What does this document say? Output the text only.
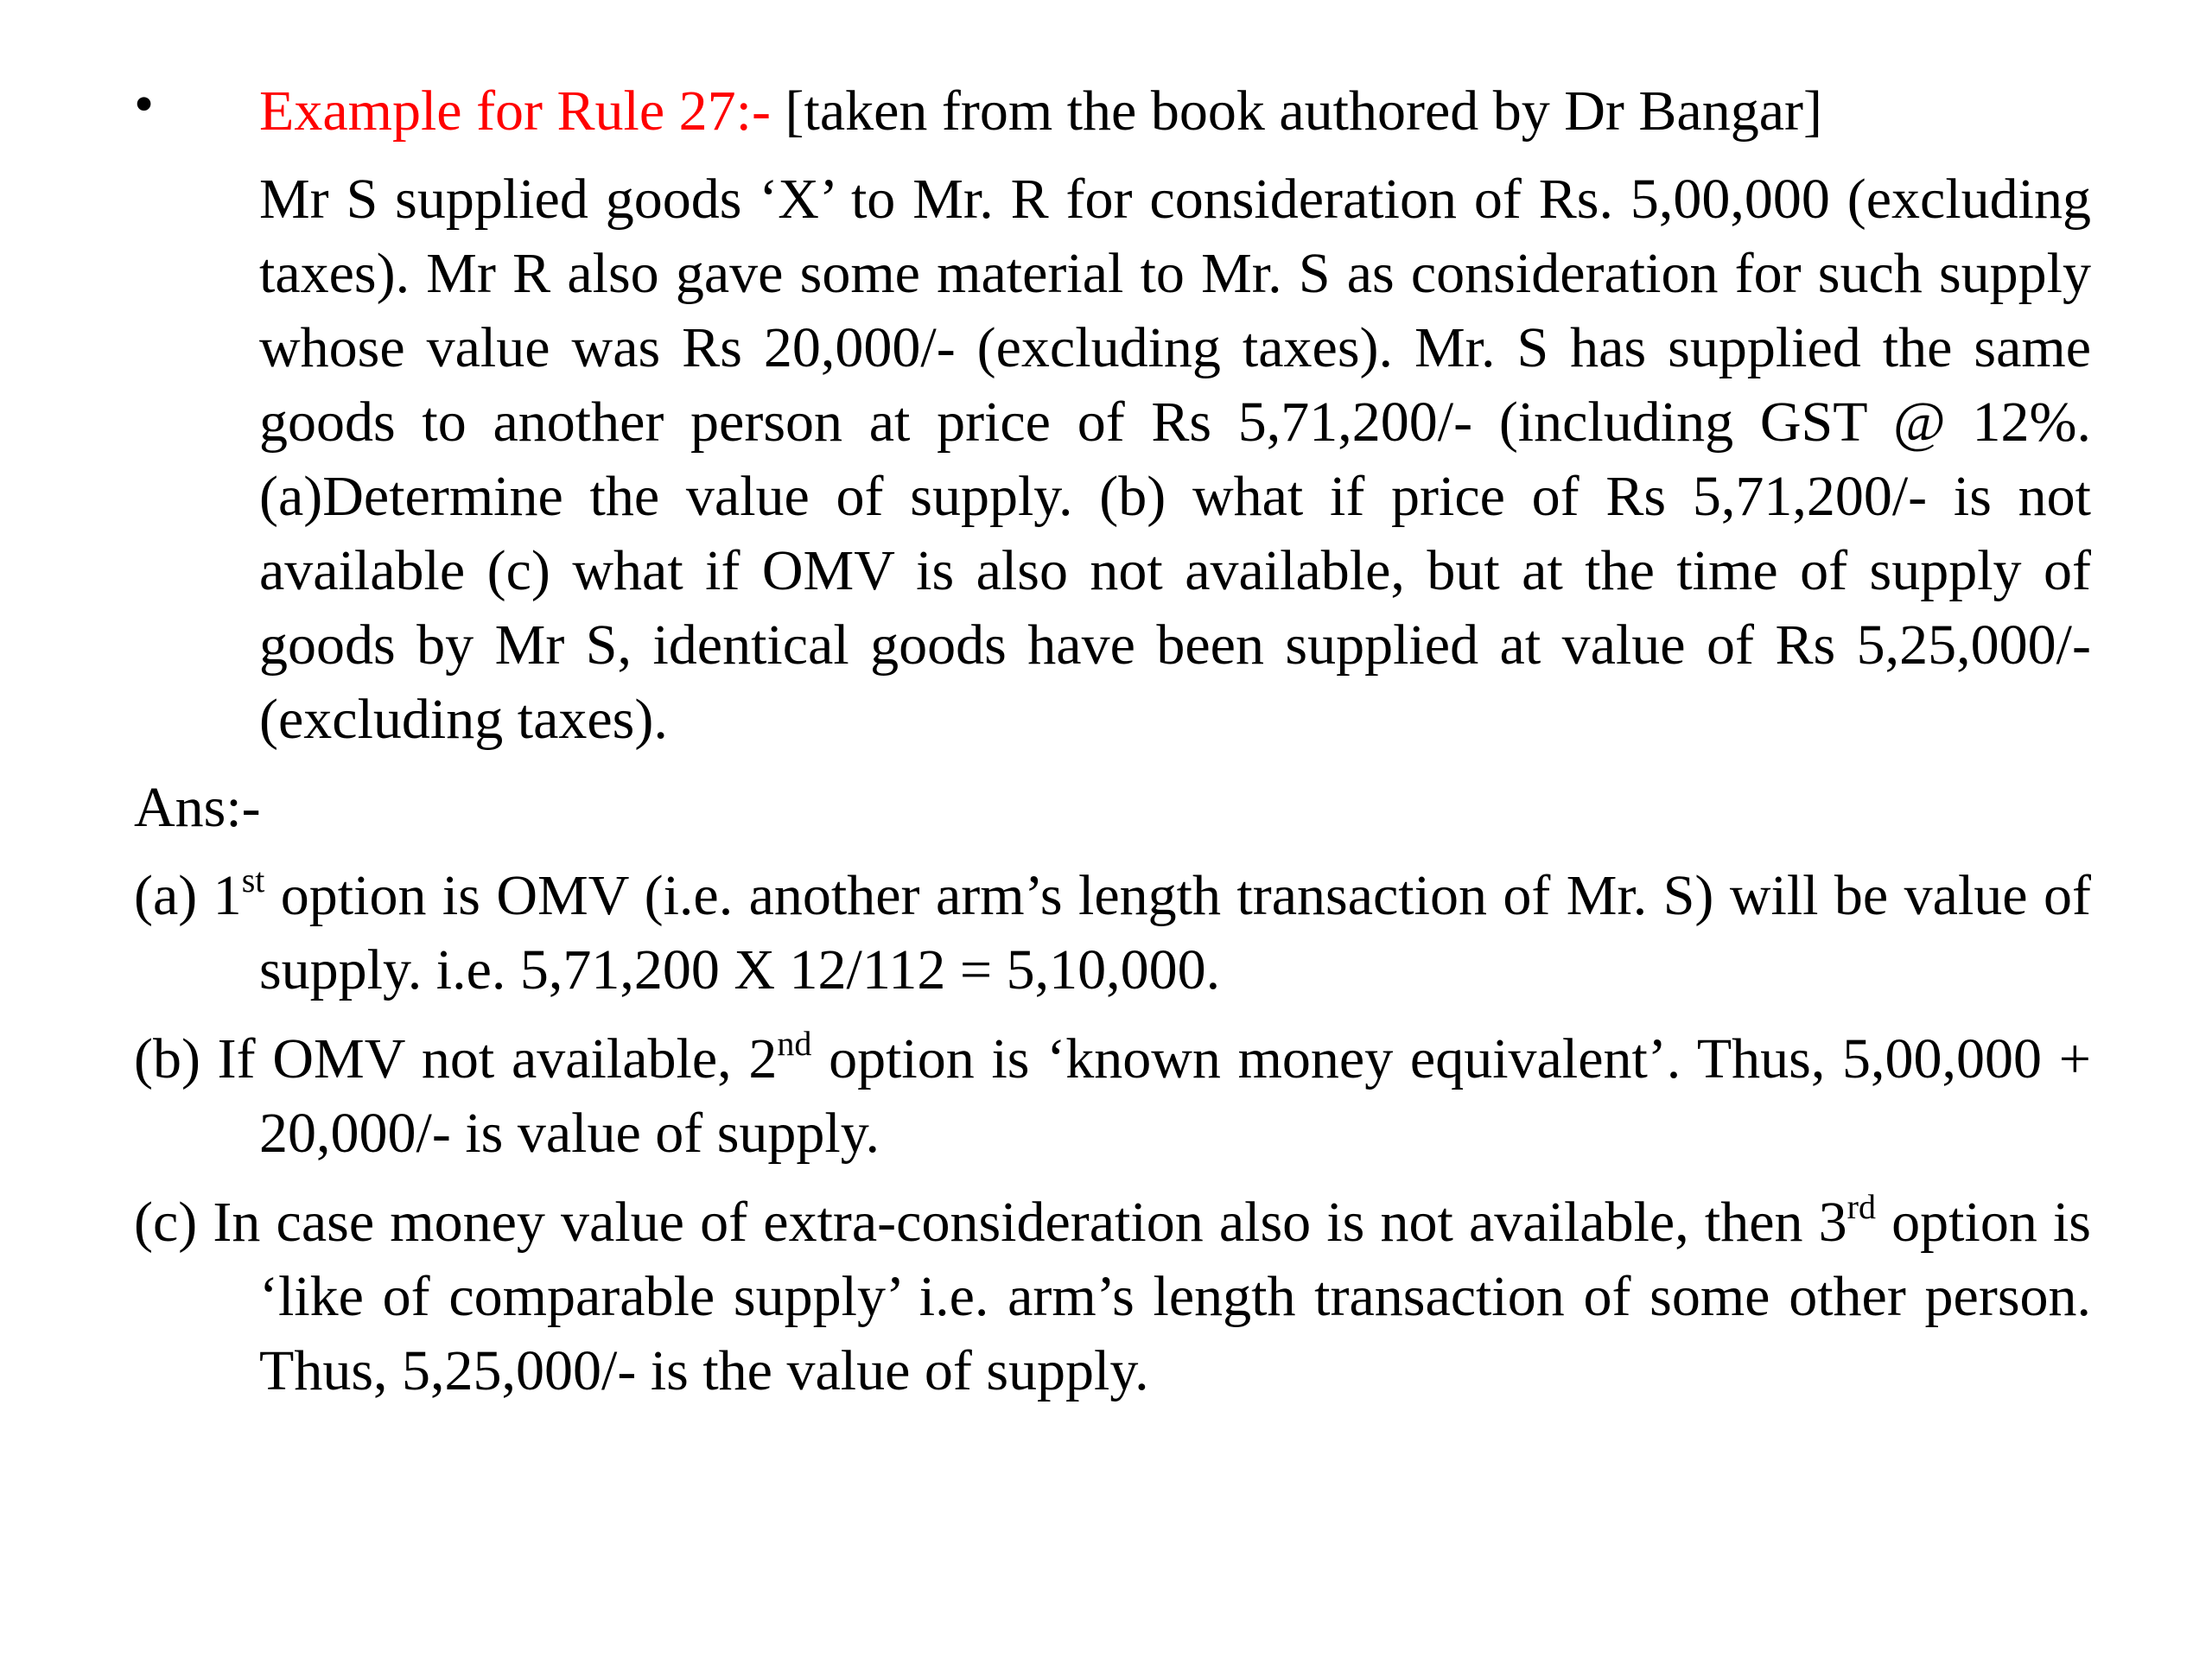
• Example for Rule 27:- [taken from the book authored by Dr Bangar]
Mr S supplied goods ‘X’ to Mr. R for consideration of Rs. 5,00,000 (excluding taxes). Mr R also gave some material to Mr. S as consideration for such supply whose value was Rs 20,000/- (excluding taxes). Mr. S has supplied the same goods to another person at price of Rs 5,71,200/- (including GST @ 12%. (a)Determine the value of supply. (b) what if price of Rs 5,71,200/- is not available (c) what if OMV is also not available, but at the time of supply of goods by Mr S, identical goods have been supplied at value of Rs 5,25,000/- (excluding taxes).
Ans:-
(a) 1st option is OMV (i.e. another arm’s length transaction of Mr. S) will be value of supply. i.e. 5,71,200 X 12/112 = 5,10,000.
(b) If OMV not available, 2nd option is ‘known money equivalent’. Thus, 5,00,000 + 20,000/- is value of supply.
(c) In case money value of extra-consideration also is not available, then 3rd option is ‘like of comparable supply’ i.e. arm’s length transaction of some other person. Thus, 5,25,000/- is the value of supply.
